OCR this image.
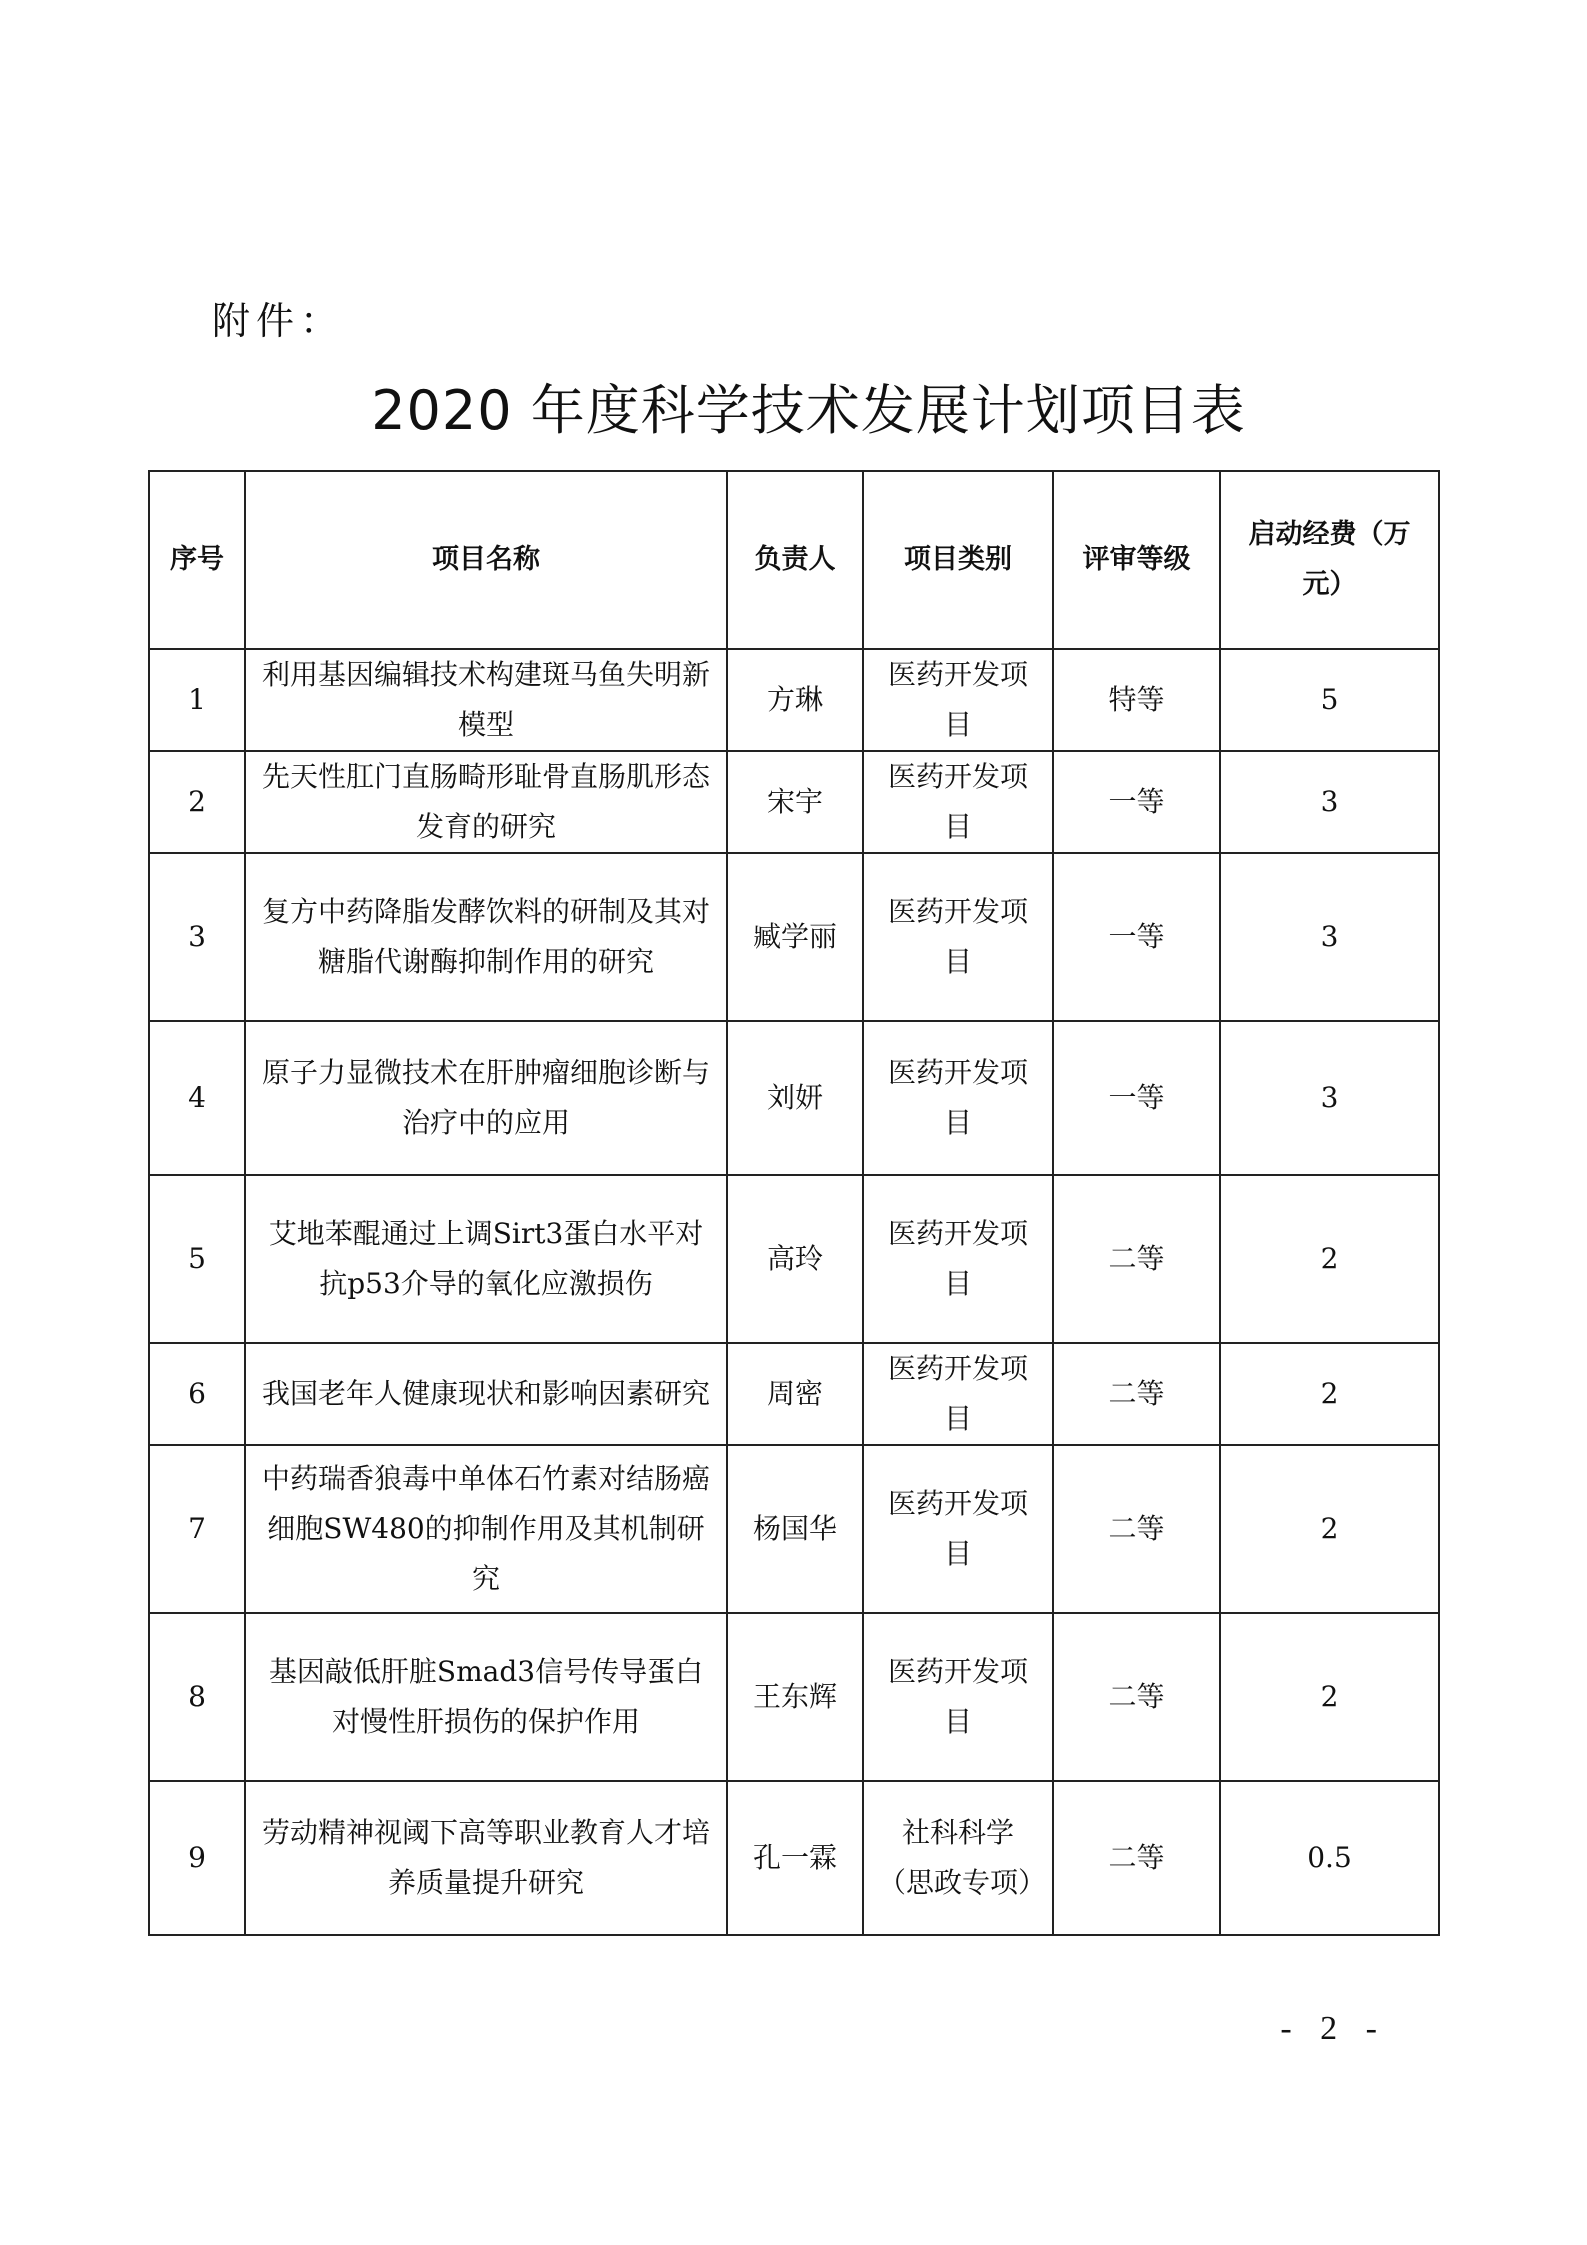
附件：
2020 年度科学技术发展计划项目表
序号	项目名称	负责人	项目类别	评审等级	启动经费（万元）
1	利用基因编辑技术构建斑马鱼失明新模型	方琳	医药开发项目	特等	5
2	先天性肛门直肠畸形耻骨直肠肌形态发育的研究	宋宇	医药开发项目	一等	3
3	复方中药降脂发酵饮料的研制及其对糖脂代谢酶抑制作用的研究	臧学丽	医药开发项目	一等	3
4	原子力显微技术在肝肿瘤细胞诊断与治疗中的应用	刘妍	医药开发项目	一等	3
5	艾地苯醌通过上调Sirt3蛋白水平对抗p53介导的氧化应激损伤	高玲	医药开发项目	二等	2
6	我国老年人健康现状和影响因素研究	周密	医药开发项目	二等	2
7	中药瑞香狼毒中单体石竹素对结肠癌细胞SW480的抑制作用及其机制研究	杨国华	医药开发项目	二等	2
8	基因敲低肝脏Smad3信号传导蛋白对慢性肝损伤的保护作用	王东辉	医药开发项目	二等	2
9	劳动精神视阈下高等职业教育人才培养质量提升研究	孔一霖	社科科学（思政专项）	二等	0.5
- 2 -
